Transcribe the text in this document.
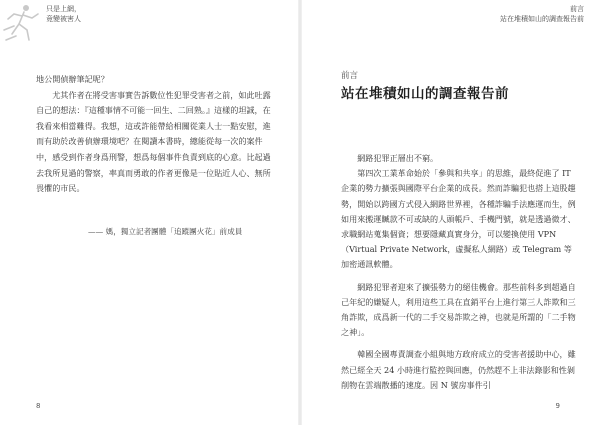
只是上網，
竟變被害人

地公開偵辦筆記呢？

尤其作者在將受害事實告訴數位性犯罪受害者之前，如此吐露自己的想法：『這種事情不可能一回生、二回熟。』這樣的坦誠，在我看來相當難得。我想，這或許能帶給相關從業人士一點安慰，進而有助於改善偵辦環境吧？在閱讀本書時，總能從每一次的案件中，感受到作者身爲刑警，想爲每個事件負責到底的心意。比起過去我所見過的警察，率真而勇敢的作者更像是一位貼近人心、無所畏懼的市民。

—— 媽，獨立記者團體「追蹤團火花」前成員
8
前言
站在堆積如山的調查報告前
前言
站在堆積如山的調查報告前

網路犯罪正層出不窮。

第四次工業革命始於「參與和共享」的思維，最終促進了 IT 企業的勢力擴張與國際平台企業的成長。然而詐騙犯也搭上這股趨勢，開始以跨國方式侵入網路世界裡，各種詐騙手法應運而生，例如用來搬運贓款不可或缺的人頭帳戶、手機門號，就是透過微才、求職網站蒐集個資；想要隱藏真實身分，可以變換使用 VPN（Virtual Private Network，虛擬私人網路）或 Telegram 等加密通訊軟體。

網路犯罪者迎來了擴張勢力的絕佳機會。那些前科多到超過自己年紀的嫌疑人，利用這些工具在直銷平台上進行第三人詐欺和三角詐欺，成爲新一代的二手交易詐欺之神，也就是所謂的「二手物之神」。

韓國全國專責調查小組與地方政府成立的受害者援助中心，雖然已經全天 24 小時進行監控與回應，仍然趕不上非法錄影和性剝削物在雲端散播的速度。因 N 號房事件引

9
